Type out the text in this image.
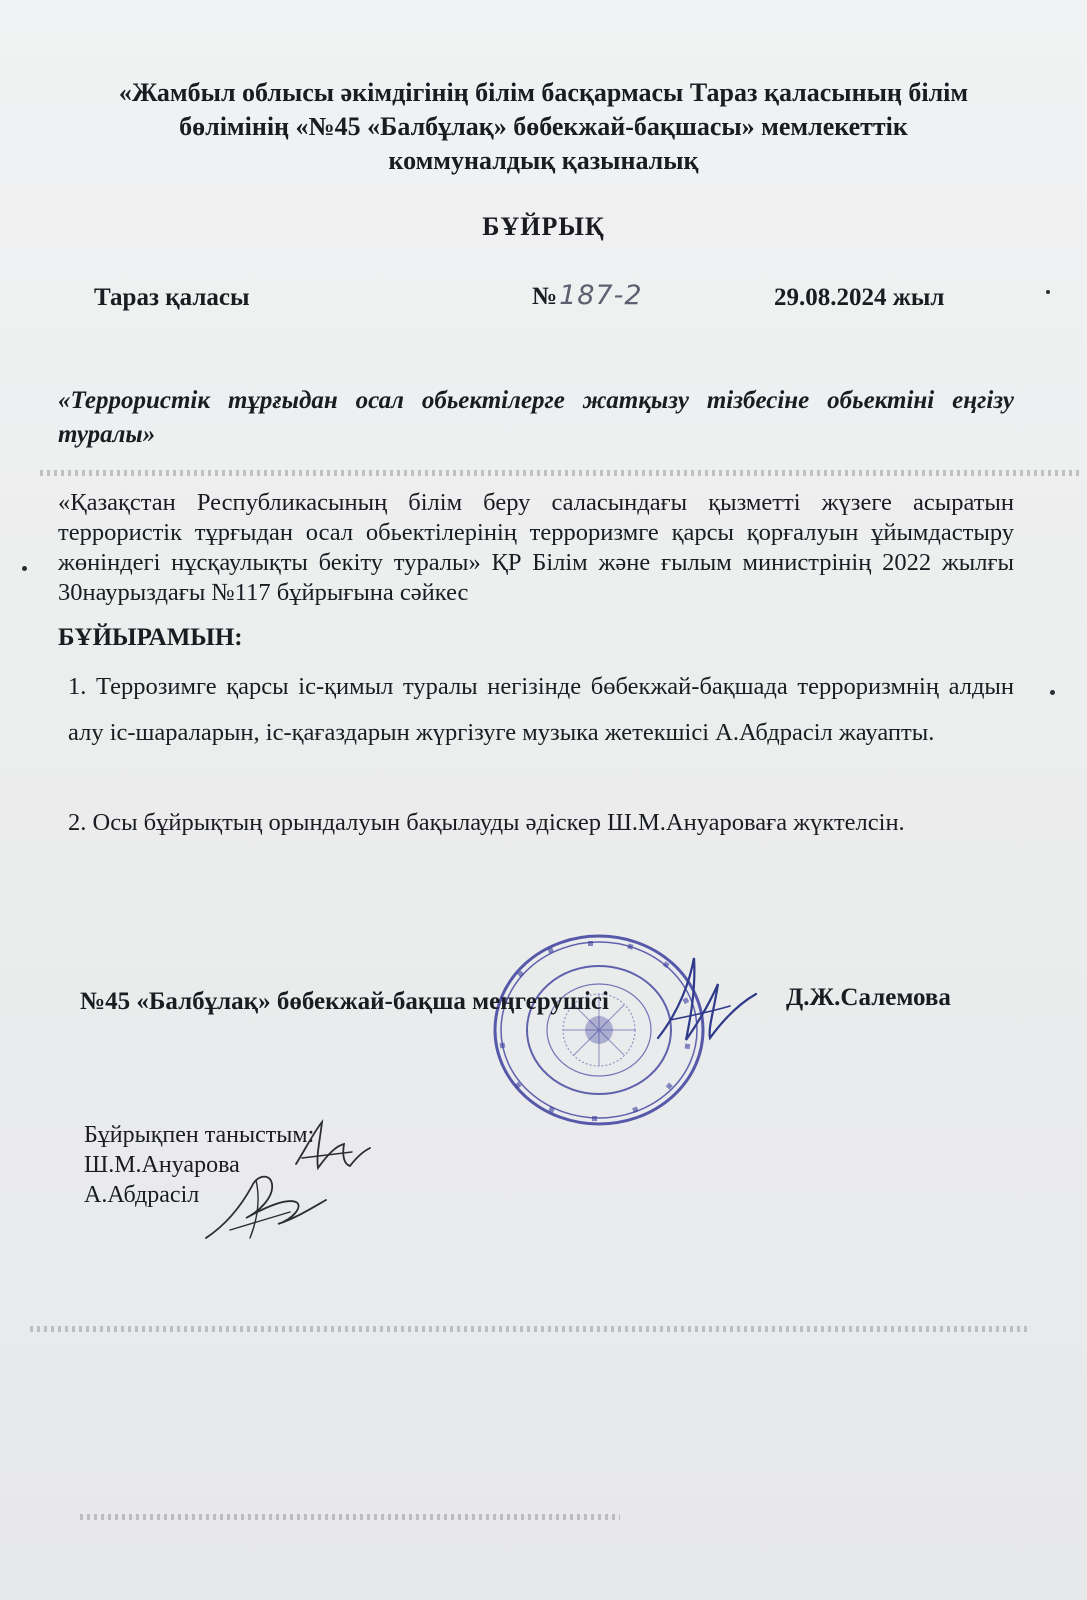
«Жамбыл облысы әкімдігінің білім басқармасы Тараз қаласының білім
бөлімінің «№45 «Балбұлақ» бөбекжай-бақшасы» мемлекеттік
коммуналдық қазыналық
БҰЙРЫҚ
Тараз қаласы	№187-2	29.08.2024 жыл
«Террористік тұрғыдан осал обьектілерге жатқызу тізбесіне обьектіні еңгізу туралы»
«Қазақстан Республикасының білім беру саласындағы қызметті жүзеге асыратын террористік тұрғыдан осал обьектілерінің терроризмге қарсы қорғалуын ұйымдастыру жөніндегі нұсқаулықты бекіту туралы» ҚР Білім және ғылым министрінің 2022 жылғы 30наурыздағы №117 бұйрығына сәйкес
БҰЙЫРАМЫН:
1. Террозимге қарсы іс-қимыл туралы негізінде бөбекжай-бақшада терроризмнің алдын алу іс-шараларын, іс-қағаздарын жүргізуге музыка жетекшісі А.Абдрасіл жауапты.
2. Осы бұйрықтың орындалуын бақылауды әдіскер Ш.М.Ануароваға жүктелсін.
№45 «Балбұлақ» бөбекжай-бақша меңгерушісі	Д.Ж.Салемова
Бұйрықпен таныстым:
Ш.М.Ануарова
А.Абдрасіл
